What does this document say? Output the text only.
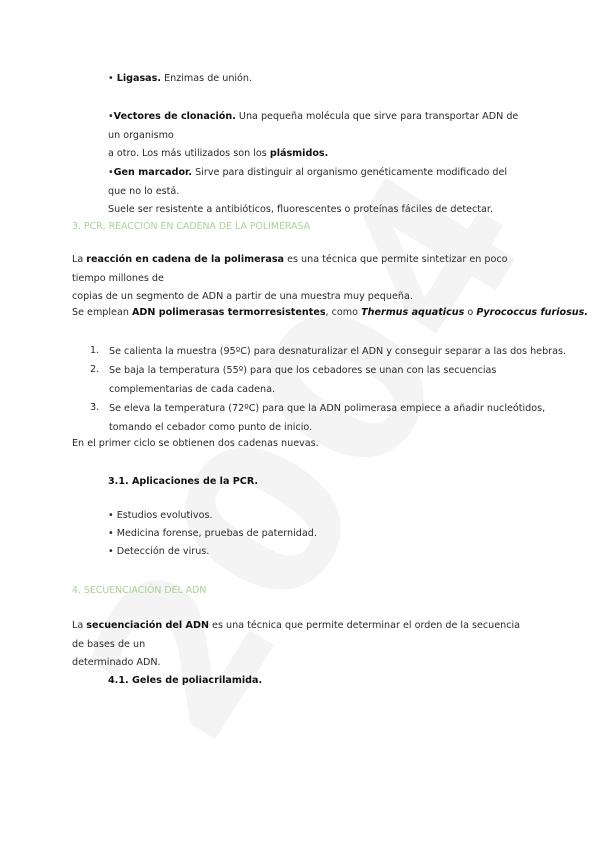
• Ligasas. Enzimas de unión.
•Vectores de clonación. Una pequeña molécula que sirve para transportar ADN de un organismo
a otro. Los más utilizados son los plásmidos.
•Gen marcador. Sirve para distinguir al organismo genéticamente modificado del que no lo está.
Suele ser resistente a antibióticos, fluorescentes o proteínas fáciles de detectar.
3. PCR, REACCIÓN EN CADENA DE LA POLIMERASA
La reacción en cadena de la polimerasa es una técnica que permite sintetizar en poco tiempo millones de
copias de un segmento de ADN a partir de una muestra muy pequeña.
Se emplean ADN polimerasas termorresistentes, como Thermus aquaticus o Pyrococcus furiosus.
1. Se calienta la muestra (95ºC) para desnaturalizar el ADN y conseguir separar a las dos hebras.
2. Se baja la temperatura (55º) para que los cebadores se unan con las secuencias
complementarias de cada cadena.
3. Se eleva la temperatura (72ºC) para que la ADN polimerasa empiece a añadir nucleótidos,
tomando el cebador como punto de inicio.
En el primer ciclo se obtienen dos cadenas nuevas.
3.1. Aplicaciones de la PCR.
• Estudios evolutivos.
• Medicina forense, pruebas de paternidad.
• Detección de virus.
4. SECUENCIACIÓN DEL ADN
La secuenciación del ADN es una técnica que permite determinar el orden de la secuencia de bases de un
determinado ADN.
4.1. Geles de poliacrilamida.
